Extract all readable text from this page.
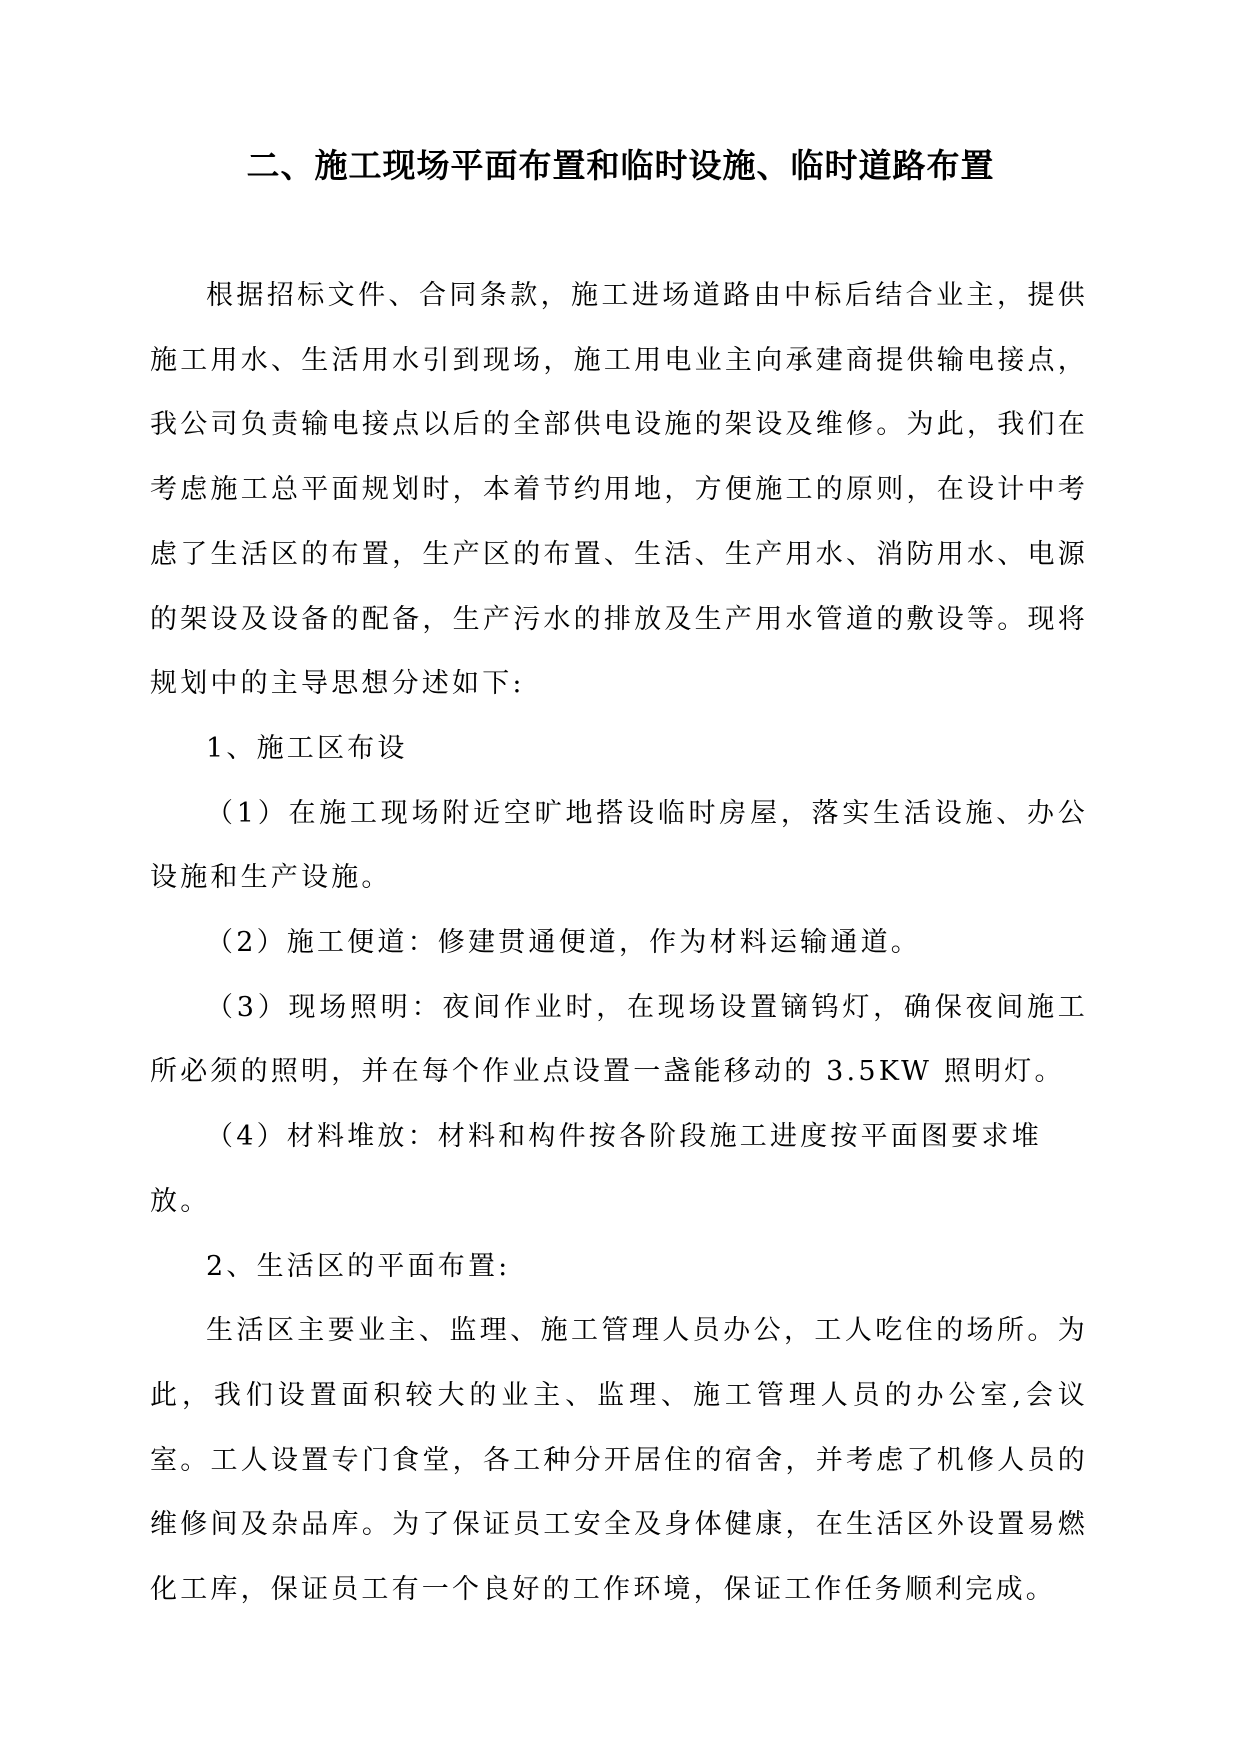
二、施工现场平面布置和临时设施、临时道路布置

根据招标文件、合同条款，施工进场道路由中标后结合业主，提供施工用水、生活用水引到现场，施工用电业主向承建商提供输电接点，我公司负责输电接点以后的全部供电设施的架设及维修。为此，我们在考虑施工总平面规划时，本着节约用地，方便施工的原则，在设计中考虑了生活区的布置，生产区的布置、生活、生产用水、消防用水、电源的架设及设备的配备，生产污水的排放及生产用水管道的敷设等。现将规划中的主导思想分述如下:

1、施工区布设

（1）在施工现场附近空旷地搭设临时房屋，落实生活设施、办公设施和生产设施。

（2）施工便道：修建贯通便道，作为材料运输通道。

（3）现场照明：夜间作业时，在现场设置镝钨灯，确保夜间施工所必须的照明，并在每个作业点设置一盏能移动的 3.5KW 照明灯。

（4）材料堆放：材料和构件按各阶段施工进度按平面图要求堆放。

2、生活区的平面布置:

生活区主要业主、监理、施工管理人员办公，工人吃住的场所。为此，我们设置面积较大的业主、监理、施工管理人员的办公室,会议室。工人设置专门食堂，各工种分开居住的宿舍，并考虑了机修人员的维修间及杂品库。为了保证员工安全及身体健康，在生活区外设置易燃化工库，保证员工有一个良好的工作环境，保证工作任务顺利完成。
